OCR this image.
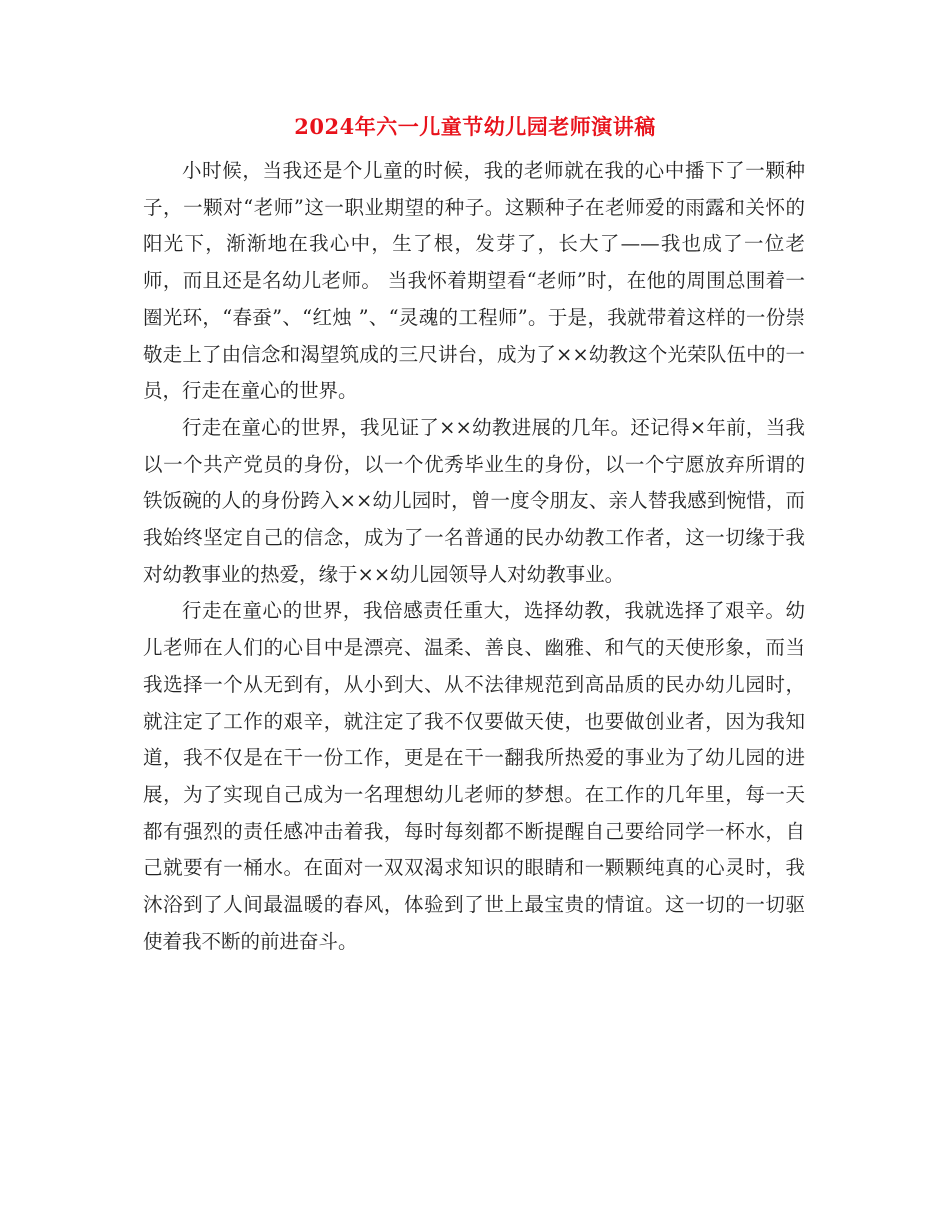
2024年六一儿童节幼儿园老师演讲稿

小时候，当我还是个儿童的时候，我的老师就在我的心中播下了一颗种子，一颗对“老师”这一职业期望的种子。这颗种子在老师爱的雨露和关怀的阳光下，渐渐地在我心中，生了根，发芽了，长大了——我也成了一位老师，而且还是名幼儿老师。 当我怀着期望看“老师”时，在他的周围总围着一圈光环，“春蚕”、“红烛 ”、“灵魂的工程师”。于是，我就带着这样的一份崇敬走上了由信念和渴望筑成的三尺讲台，成为了××幼教这个光荣队伍中的一员，行走在童心的世界。

行走在童心的世界，我见证了××幼教进展的几年。还记得×年前，当我以一个共产党员的身份，以一个优秀毕业生的身份，以一个宁愿放弃所谓的铁饭碗的人的身份跨入××幼儿园时，曾一度令朋友、亲人替我感到惋惜，而我始终坚定自己的信念，成为了一名普通的民办幼教工作者，这一切缘于我对幼教事业的热爱，缘于××幼儿园领导人对幼教事业。

行走在童心的世界，我倍感责任重大，选择幼教，我就选择了艰辛。幼儿老师在人们的心目中是漂亮、温柔、善良、幽雅、和气的天使形象，而当我选择一个从无到有，从小到大、从不法律规范到高品质的民办幼儿园时，就注定了工作的艰辛，就注定了我不仅要做天使，也要做创业者，因为我知道，我不仅是在干一份工作，更是在干一翻我所热爱的事业为了幼儿园的进展，为了实现自己成为一名理想幼儿老师的梦想。在工作的几年里，每一天都有强烈的责任感冲击着我，每时每刻都不断提醒自己要给同学一杯水，自己就要有一桶水。在面对一双双渴求知识的眼睛和一颗颗纯真的心灵时，我沐浴到了人间最温暖的春风，体验到了世上最宝贵的情谊。这一切的一切驱使着我不断的前进奋斗。
